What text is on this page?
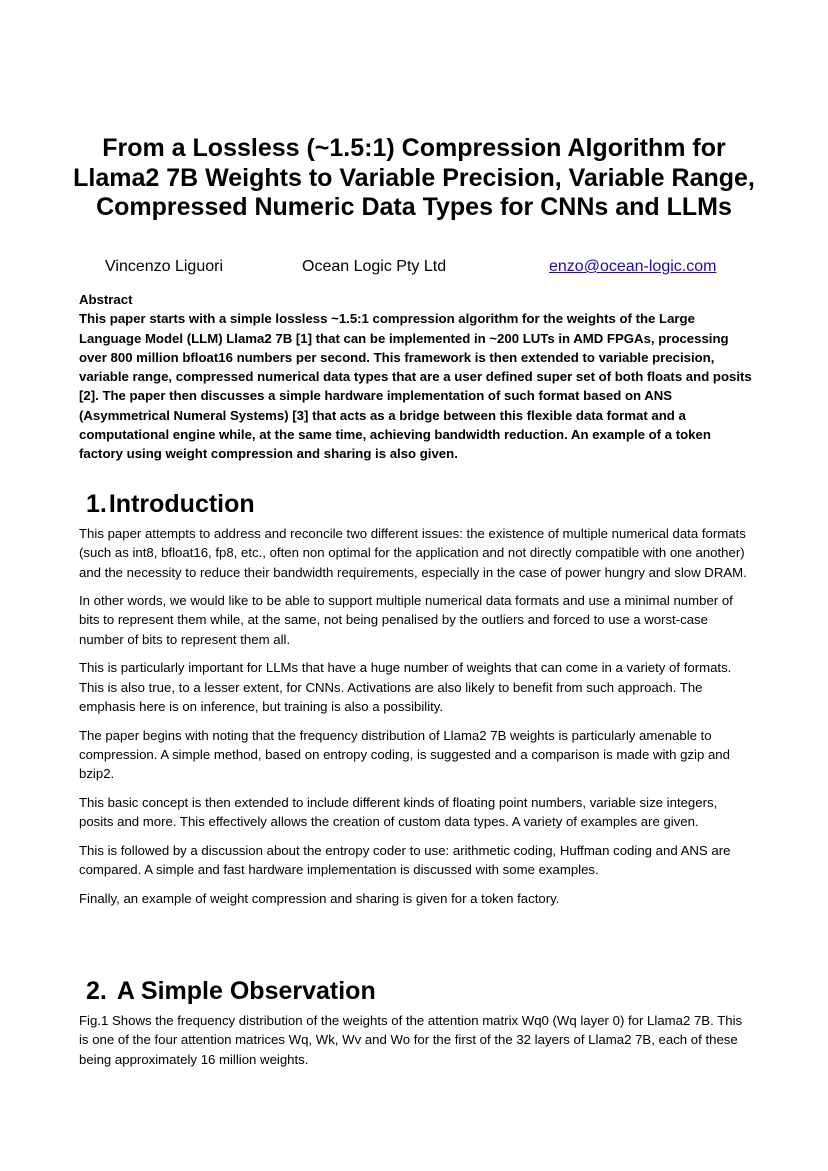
From a Lossless (~1.5:1) Compression Algorithm for Llama2 7B Weights to Variable Precision, Variable Range, Compressed Numeric Data Types for CNNs and LLMs
Vincenzo Liguori	Ocean Logic Pty Ltd	enzo@ocean-logic.com

Abstract

This paper starts with a simple lossless ~1.5:1 compression algorithm for the weights of the Large Language Model (LLM) Llama2 7B [1] that can be implemented in ~200 LUTs in AMD FPGAs, processing over 800 million bfloat16 numbers per second. This framework is then extended to variable precision, variable range, compressed numerical data types that are a user defined super set of both floats and posits [2]. The paper then discusses a simple hardware implementation of such format based on ANS (Asymmetrical Numeral Systems) [3] that acts as a bridge between this flexible data format and a computational engine while, at the same time, achieving bandwidth reduction. An example of a token factory using weight compression and sharing is also given.

1.Introduction

This paper attempts to address and reconcile two different issues: the existence of multiple numerical data formats (such as int8, bfloat16, fp8, etc., often non optimal for the application and not directly compatible with one another) and the necessity to reduce their bandwidth requirements, especially in the case of power hungry and slow DRAM.

In other words, we would like to be able to support multiple numerical data formats and use a minimal number of bits to represent them while, at the same, not being penalised by the outliers and forced to use a worst-case number of bits to represent them all.

This is particularly important for LLMs that have a huge number of weights that can come in a variety of formats. This is also true, to a lesser extent, for CNNs. Activations are also likely to benefit from such approach. The emphasis here is on inference, but training is also a possibility.

The paper begins with noting that the frequency distribution of Llama2 7B weights is particularly amenable to compression. A simple method, based on entropy coding, is suggested and a comparison is made with gzip and bzip2.

This basic concept is then extended to include different kinds of floating point numbers, variable size integers, posits and more. This effectively allows the creation of custom data types. A variety of examples are given.

This is followed by a discussion about the entropy coder to use: arithmetic coding, Huffman coding and ANS are compared. A simple and fast hardware implementation is discussed with some examples.

Finally, an example of weight compression and sharing is given for a token factory.

2. A Simple Observation

Fig.1 Shows the frequency distribution of the weights of the attention matrix Wq0 (Wq layer 0) for Llama2 7B. This is one of the four attention matrices Wq, Wk, Wv and Wo for the first of the 32 layers of Llama2 7B, each of these being approximately 16 million weights.
